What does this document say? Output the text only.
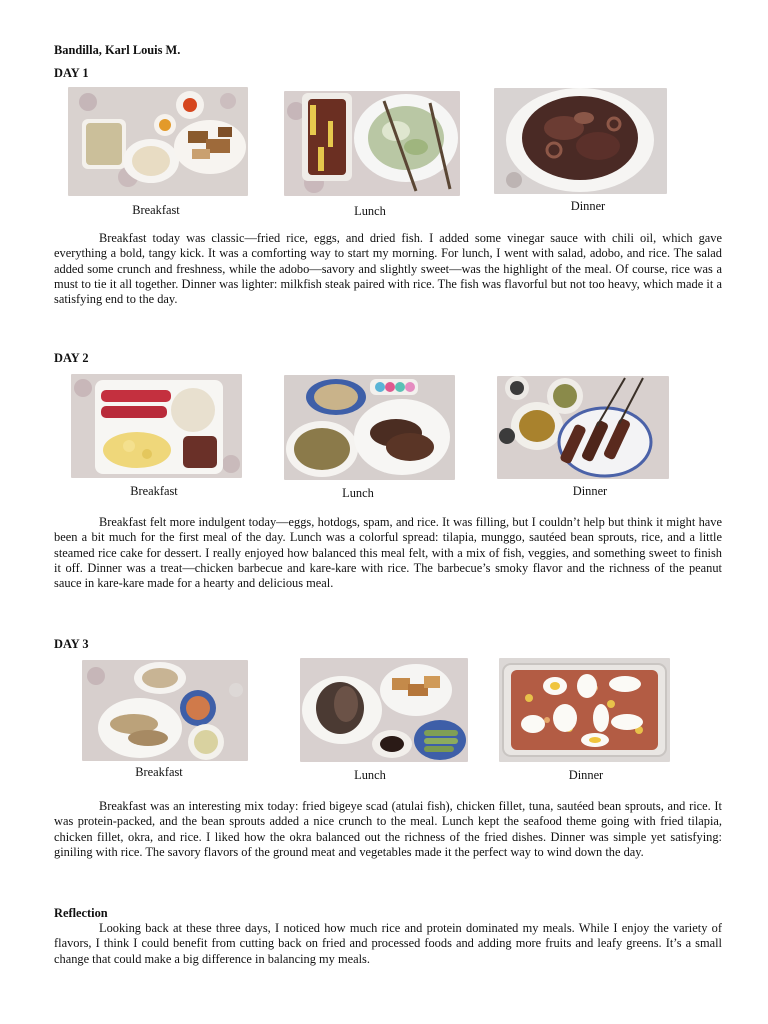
Bandilla, Karl Louis M.
DAY 1
Breakfast	Lunch	Dinner

Breakfast today was classic—fried rice, eggs, and dried fish. I added some vinegar sauce with chili oil, which gave everything a bold, tangy kick. It was a comforting way to start my morning. For lunch, I went with salad, adobo, and rice. The salad added some crunch and freshness, while the adobo—savory and slightly sweet—was the highlight of the meal. Of course, rice was a must to tie it all together. Dinner was lighter: milkfish steak paired with rice. The fish was flavorful but not too heavy, which made it a satisfying end to the day.

DAY 2
Breakfast	Lunch	Dinner

Breakfast felt more indulgent today—eggs, hotdogs, spam, and rice. It was filling, but I couldn’t help but think it might have been a bit much for the first meal of the day. Lunch was a colorful spread: tilapia, munggo, sautéed bean sprouts, rice, and a little steamed rice cake for dessert. I really enjoyed how balanced this meal felt, with a mix of fish, veggies, and something sweet to finish it off. Dinner was a treat—chicken barbecue and kare-kare with rice. The barbecue’s smoky flavor and the richness of the peanut sauce in kare-kare made for a hearty and delicious meal.

DAY 3
Breakfast	Lunch	Dinner

Breakfast was an interesting mix today: fried bigeye scad (atulai fish), chicken fillet, tuna, sautéed bean sprouts, and rice. It was protein-packed, and the bean sprouts added a nice crunch to the meal. Lunch kept the seafood theme going with fried tilapia, chicken fillet, okra, and rice. I liked how the okra balanced out the richness of the fried dishes. Dinner was simple yet satisfying: giniling with rice. The savory flavors of the ground meat and vegetables made it the perfect way to wind down the day.

Reflection

Looking back at these three days, I noticed how much rice and protein dominated my meals. While I enjoy the variety of flavors, I think I could benefit from cutting back on fried and processed foods and adding more fruits and leafy greens. It’s a small change that could make a big difference in balancing my meals.
